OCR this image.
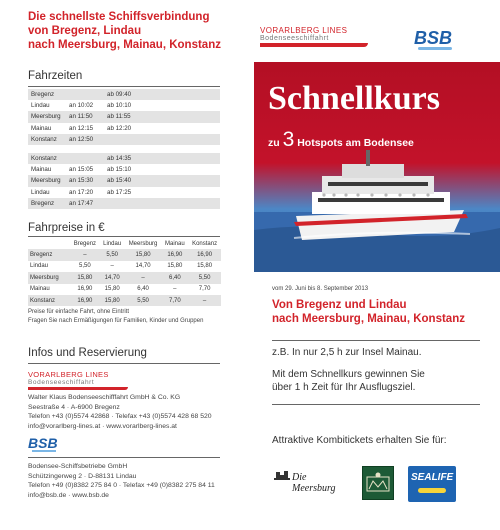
Die schnellste Schiffsverbindung
von Bregenz, Lindau
nach Meersburg, Mainau, Konstanz
Fahrzeiten
Bregenz		ab 09:40
Lindau	an 10:02	ab 10:10
Meersburg	an 11:50	ab 11:55
Mainau	an 12:15	ab 12:20
Konstanz	an 12:50	
Konstanz		ab 14:35
Mainau	an 15:05	ab 15:10
Meersburg	an 15:30	ab 15:40
Lindau	an 17:20	ab 17:25
Bregenz	an 17:47	
Fahrpreise in €
	Bregenz	Lindau	Meersburg	Mainau	Konstanz
Bregenz	–	5,50	15,80	16,90	16,90
Lindau	5,50	–	14,70	15,80	15,80
Meersburg	15,80	14,70	–	6,40	5,50
Mainau	16,90	15,80	6,40	–	7,70
Konstanz	16,90	15,80	5,50	7,70	–
Preise für einfache Fahrt, ohne Eintritt
Fragen Sie nach Ermäßigungen für Familien, Kinder und Gruppen
Infos und Reservierung
VORARLBERG LINES
Bodenseeschiffahrt
Walter Klaus Bodenseeschifffahrt GmbH & Co. KG
Seestraße 4 · A-6900 Bregenz
Telefon +43 (0)5574 42868 · Telefax +43 (0)5574 428 68 520
info@vorarlberg-lines.at · www.vorarlberg-lines.at
BSB
Bodensee-Schiffsbetriebe GmbH
Schützingerweg 2 · D-88131 Lindau
Telefon +49 (0)8382 275 84 0 · Telefax +49 (0)8382 275 84 11
info@bsb.de · www.bsb.de
VORARLBERG LINES
Bodenseeschiffahrt	BSB
Schnellkurs
zu 3 Hotspots am Bodensee
vom 29. Juni bis 8. September 2013
Von Bregenz und Lindau
nach Meersburg, Mainau, Konstanz
z.B. In nur 2,5 h zur Insel Mainau.
Mit dem Schnellkurs gewinnen Sie
über 1 h Zeit für Ihr Ausflugsziel.
Attraktive Kombitickets erhalten Sie für:
Die Meersburg
SEALIFE
